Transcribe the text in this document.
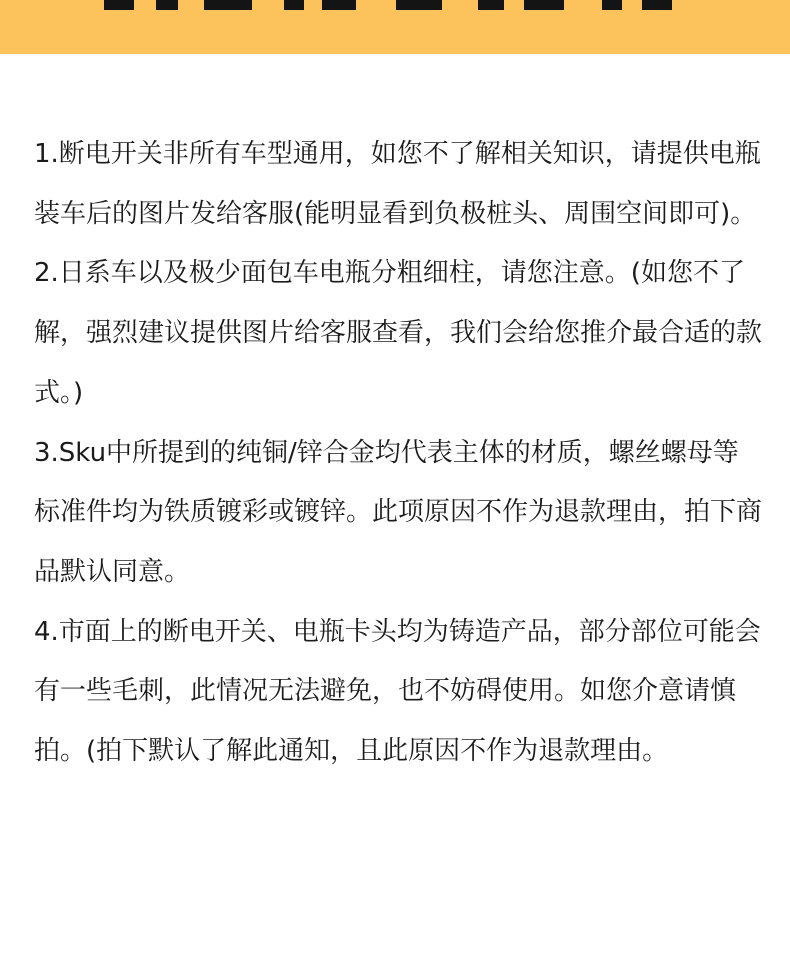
1.断电开关非所有车型通用，如您不了解相关知识，请提供电瓶装车后的图片发给客服(能明显看到负极桩头、周围空间即可)。

2.日系车以及极少面包车电瓶分粗细柱，请您注意。(如您不了解，强烈建议提供图片给客服查看，我们会给您推介最合适的款式。)

3.Sku中所提到的纯铜/锌合金均代表主体的材质，螺丝螺母等标准件均为铁质镀彩或镀锌。此项原因不作为退款理由，拍下商品默认同意。

4.市面上的断电开关、电瓶卡头均为铸造产品，部分部位可能会有一些毛刺，此情况无法避免，也不妨碍使用。如您介意请慎拍。(拍下默认了解此通知，且此原因不作为退款理由。
